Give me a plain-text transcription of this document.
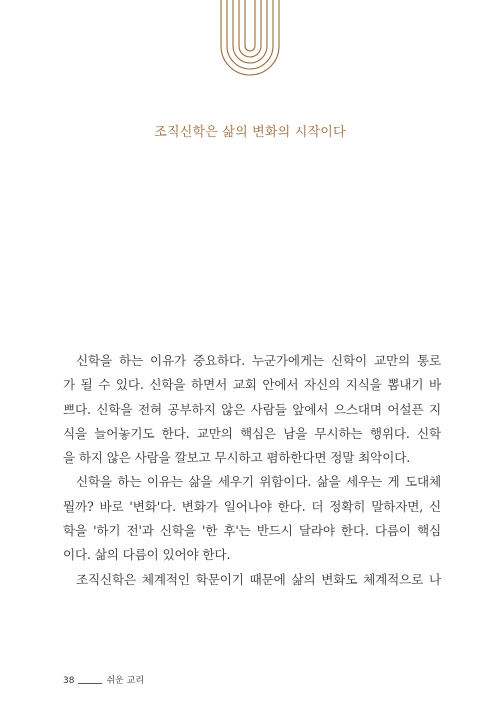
조직신학은 삶의 변화의 시작이다
신학을 하는 이유가 중요하다. 누군가에게는 신학이 교만의 통로
가 될 수 있다. 신학을 하면서 교회 안에서 자신의 지식을 뽐내기 바
쁘다. 신학을 전혀 공부하지 않은 사람들 앞에서 으스대며 어설픈 지
식을 늘어놓기도 한다. 교만의 핵심은 남을 무시하는 행위다. 신학
을 하지 않은 사람을 깔보고 무시하고 폄하한다면 정말 최악이다.
신학을 하는 이유는 삶을 세우기 위함이다. 삶을 세우는 게 도대체
뭘까? 바로 '변화'다. 변화가 일어나야 한다. 더 정확히 말하자면, 신
학을 '하기 전'과 신학을 '한 후'는 반드시 달라야 한다. 다름이 핵심
이다. 삶의 다름이 있어야 한다.
조직신학은 체계적인 학문이기 때문에 삶의 변화도 체계적으로 나
38	쉬운 교리
